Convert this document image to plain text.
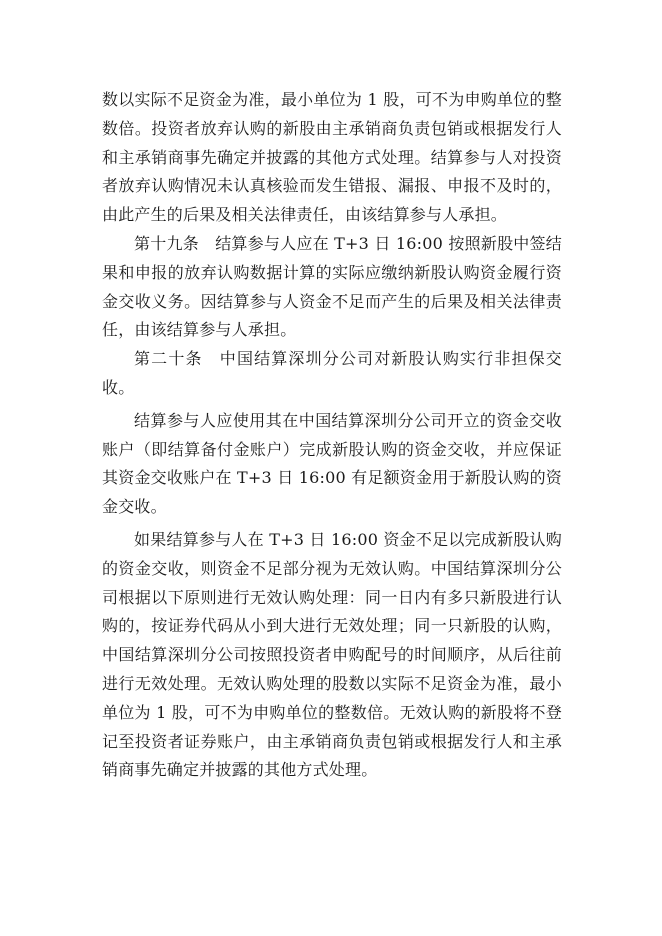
数以实际不足资金为准，最小单位为 1 股，可不为申购单位的整数倍。投资者放弃认购的新股由主承销商负责包销或根据发行人和主承销商事先确定并披露的其他方式处理。结算参与人对投资者放弃认购情况未认真核验而发生错报、漏报、申报不及时的，由此产生的后果及相关法律责任，由该结算参与人承担。

第十九条　结算参与人应在 T+3 日 16:00 按照新股中签结果和申报的放弃认购数据计算的实际应缴纳新股认购资金履行资金交收义务。因结算参与人资金不足而产生的后果及相关法律责任，由该结算参与人承担。

第二十条　中国结算深圳分公司对新股认购实行非担保交收。

结算参与人应使用其在中国结算深圳分公司开立的资金交收账户（即结算备付金账户）完成新股认购的资金交收，并应保证其资金交收账户在 T+3 日 16:00 有足额资金用于新股认购的资金交收。

如果结算参与人在 T+3 日 16:00 资金不足以完成新股认购的资金交收，则资金不足部分视为无效认购。中国结算深圳分公司根据以下原则进行无效认购处理：同一日内有多只新股进行认购的，按证券代码从小到大进行无效处理；同一只新股的认购，中国结算深圳分公司按照投资者申购配号的时间顺序，从后往前进行无效处理。无效认购处理的股数以实际不足资金为准，最小单位为 1 股，可不为申购单位的整数倍。无效认购的新股将不登记至投资者证券账户，由主承销商负责包销或根据发行人和主承销商事先确定并披露的其他方式处理。
